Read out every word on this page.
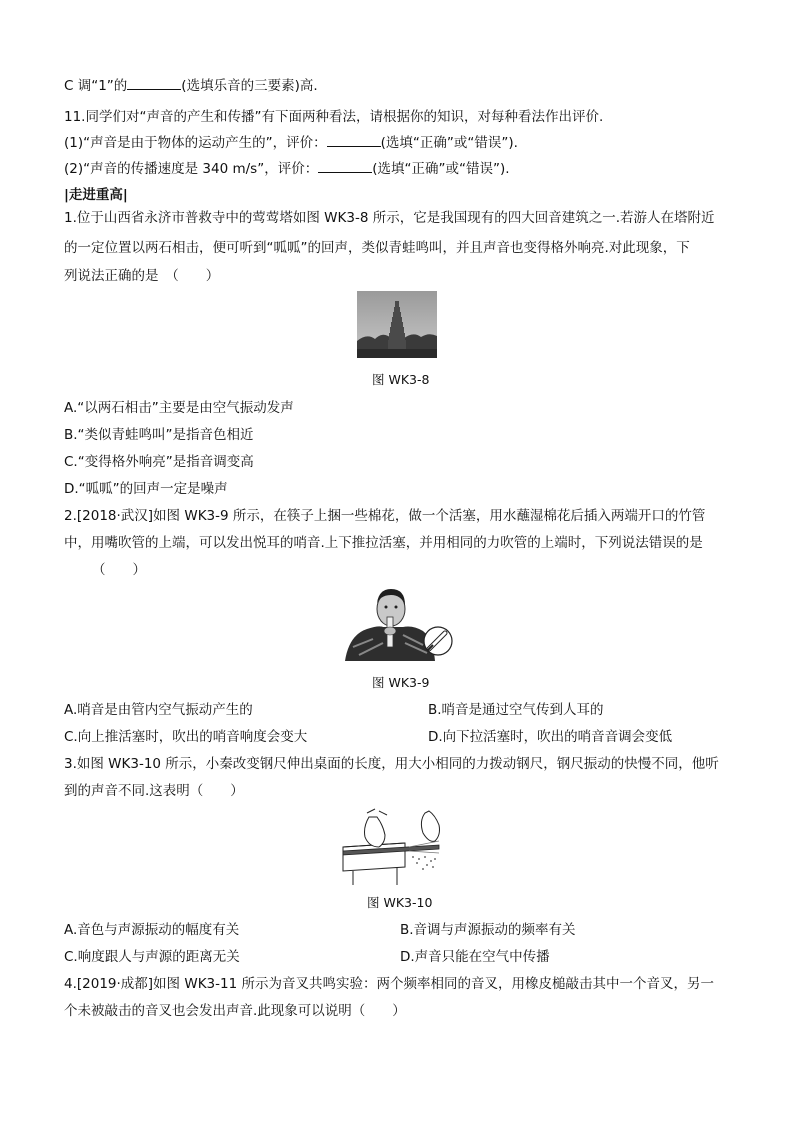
C 调“1”的	(选填乐音的三要素)高.
11.同学们对“声音的产生和传播”有下面两种看法，请根据你的知识，对每种看法作出评价.
(1)“声音是由于物体的运动产生的”，评价：	(选填“正确”或“错误”).
(2)“声音的传播速度是 340 m/s”，评价：	(选填“正确”或“错误”).
|走进重高|
1.位于山西省永济市普救寺中的莺莺塔如图 WK3-8 所示，它是我国现有的四大回音建筑之一.若游人在塔附近
的一定位置以两石相击，便可听到“呱呱”的回声，类似青蛙鸣叫，并且声音也变得格外响亮.对此现象，下
列说法正确的是　（　　）
图 WK3-8
A.“以两石相击”主要是由空气振动发声
B.“类似青蛙鸣叫”是指音色相近
C.“变得格外响亮”是指音调变高
D.“呱呱”的回声一定是噪声
2.[2018·武汉]如图 WK3-9 所示，在筷子上捆一些棉花，做一个活塞，用水蘸湿棉花后插入两端开口的竹管
中，用嘴吹管的上端，可以发出悦耳的哨音.上下推拉活塞，并用相同的力吹管的上端时，下列说法错误的是
（　　）
图 WK3-9
A.哨音是由管内空气振动产生的	B.哨音是通过空气传到人耳的
C.向上推活塞时，吹出的哨音响度会变大	D.向下拉活塞时，吹出的哨音音调会变低
3.如图 WK3-10 所示，小秦改变钢尺伸出桌面的长度，用大小相同的力拨动钢尺，钢尺振动的快慢不同，他听
到的声音不同.这表明（　　）
图 WK3-10
A.音色与声源振动的幅度有关	B.音调与声源振动的频率有关
C.响度跟人与声源的距离无关	D.声音只能在空气中传播
4.[2019·成都]如图 WK3-11 所示为音叉共鸣实验：两个频率相同的音叉，用橡皮槌敲击其中一个音叉，另一
个未被敲击的音叉也会发出声音.此现象可以说明（　　）
